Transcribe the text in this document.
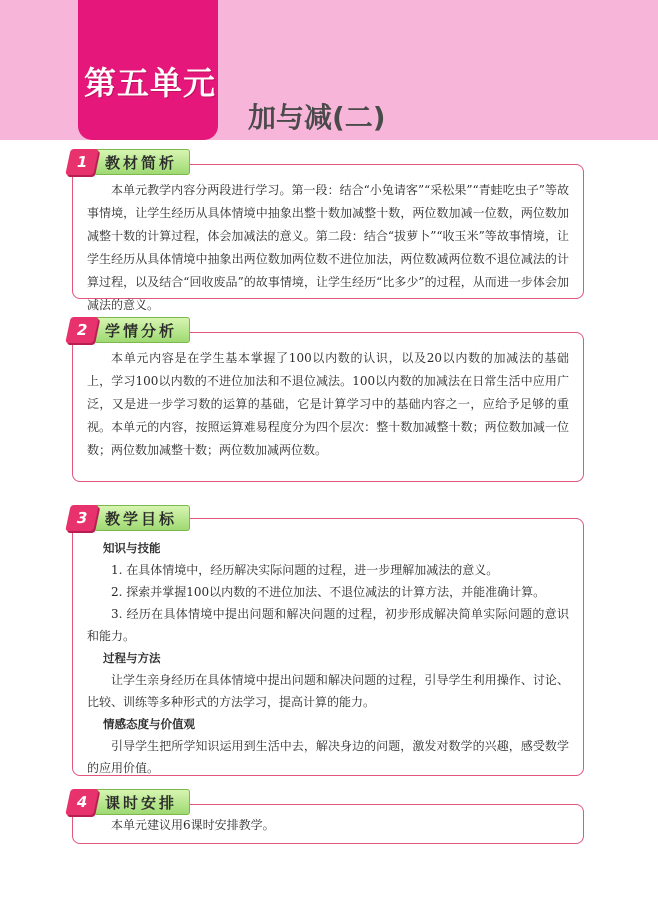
第五单元
加与减(二)

本单元教学内容分两段进行学习。第一段：结合“小兔请客”“采松果”“青蛙吃虫子”等故事情境，让学生经历从具体情境中抽象出整十数加减整十数，两位数加减一位数，两位数加减整十数的计算过程，体会加减法的意义。第二段：结合“拔萝卜”“收玉米”等故事情境，让学生经历从具体情境中抽象出两位数加两位数不进位加法，两位数减两位数不退位减法的计算过程，以及结合“回收废品”的故事情境，让学生经历“比多少”的过程，从而进一步体会加减法的意义。

1	教材简析

本单元内容是在学生基本掌握了100以内数的认识，以及20以内数的加减法的基础上，学习100以内数的不进位加法和不退位减法。100以内数的加减法在日常生活中应用广泛，又是进一步学习数的运算的基础，它是计算学习中的基础内容之一，应给予足够的重视。本单元的内容，按照运算难易程度分为四个层次：整十数加减整十数；两位数加减一位数；两位数加减整十数；两位数加减两位数。

2	学情分析

知识与技能

1. 在具体情境中，经历解决实际问题的过程，进一步理解加减法的意义。

2. 探索并掌握100以内数的不进位加法、不退位减法的计算方法，并能准确计算。

3. 经历在具体情境中提出问题和解决问题的过程，初步形成解决简单实际问题的意识和能力。

过程与方法

让学生亲身经历在具体情境中提出问题和解决问题的过程，引导学生利用操作、讨论、比较、训练等多种形式的方法学习，提高计算的能力。

情感态度与价值观

引导学生把所学知识运用到生活中去，解决身边的问题，激发对数学的兴趣，感受数学的应用价值。

3	教学目标

本单元建议用6课时安排教学。

4	课时安排
